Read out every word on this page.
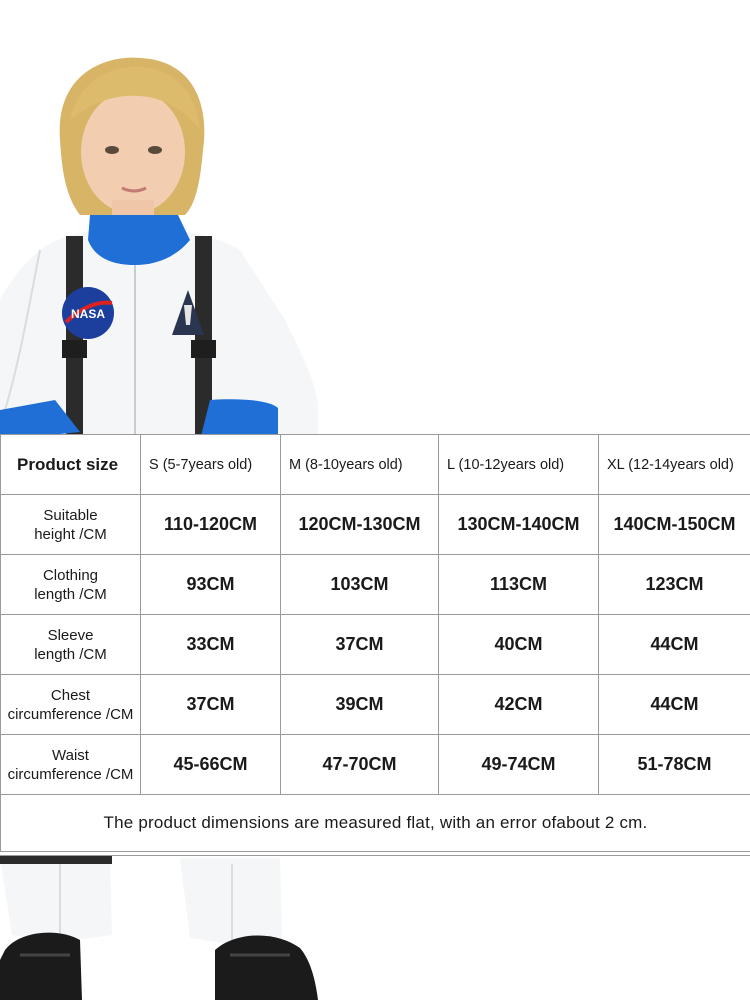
NASA
Product size	S (5-7years old)	M (8-10years old)	L (10-12years old)	XL (12-14years old)
Suitable
height /CM	110-120CM	120CM-130CM	130CM-140CM	140CM-150CM
Clothing
length /CM	93CM	103CM	113CM	123CM
Sleeve
length /CM	33CM	37CM	40CM	44CM
Chest
circumference /CM	37CM	39CM	42CM	44CM
Waist
circumference /CM	45-66CM	47-70CM	49-74CM	51-78CM
The product dimensions are measured flat, with an error ofabout 2 cm.				
